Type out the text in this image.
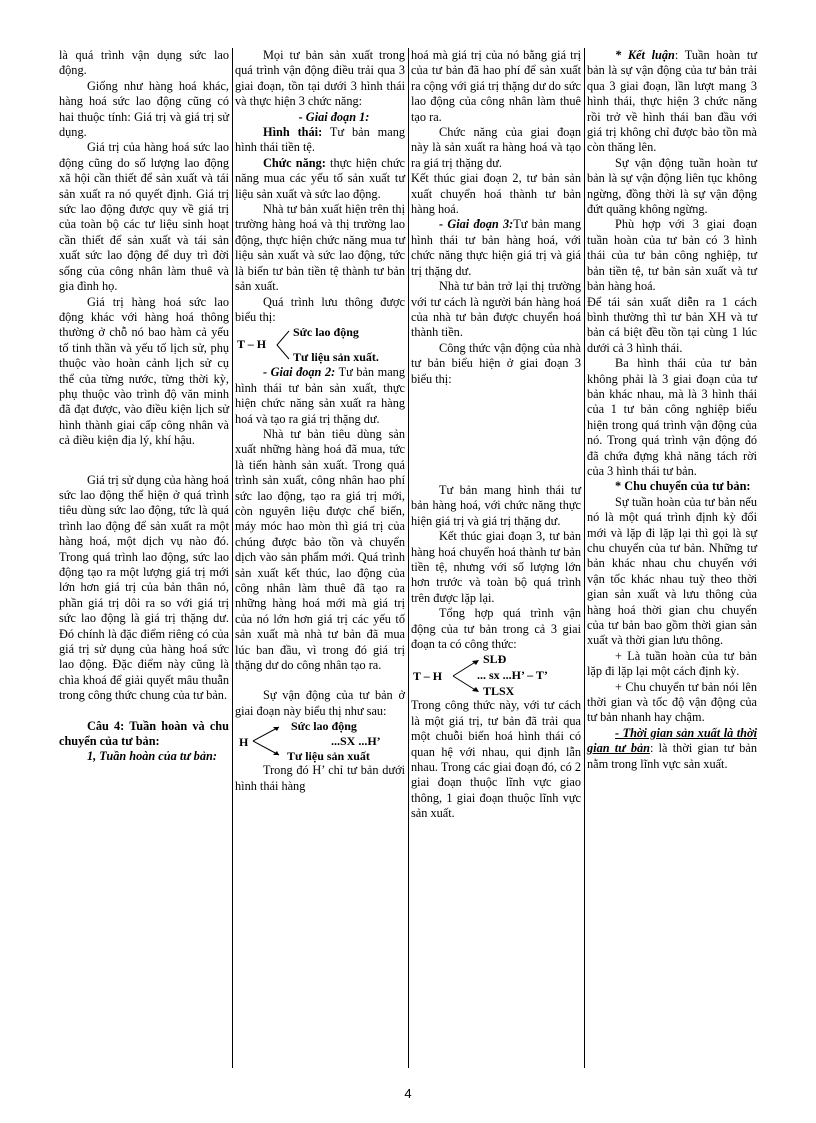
là quá trình vận dụng sức lao động.

Giống như hàng hoá khác, hàng hoá sức lao động cũng có hai thuộc tính: Giá trị và giá trị sử dụng.

Giá trị của hàng hoá sức lao động cũng do số lượng lao động xã hội cần thiết để sản xuất và tái sản xuất ra nó quyết định. Giá trị sức lao động được quy về giá trị của toàn bộ các tư liệu sinh hoạt cần thiết để sản xuất và tái sản xuất sức lao động để duy trì đời sống của công nhân làm thuê và gia đình họ.

Giá trị hàng hoá sức lao động khác với hàng hoá thông thường ở chỗ nó bao hàm cả yếu tố tinh thần và yếu tố lịch sử, phụ thuộc vào hoàn cảnh lịch sử cụ thể của từng nước, từng thời kỳ, phụ thuộc vào trình độ văn minh đã đạt được, vào điều kiện lịch sử hình thành giai cấp công nhân và cả điều kiện địa lý, khí hậu.

Giá trị sử dụng của hàng hoá sức lao động thể hiện ở quá trình tiêu dùng sức lao động, tức là quá trình lao động để sản xuất ra một hàng hoá, một dịch vụ nào đó. Trong quá trình lao động, sức lao động tạo ra một lượng giá trị mới lớn hơn giá trị của bản thân nó, phần giá trị dôi ra so với giá trị sức lao động là giá trị thặng dư. Đó chính là đặc điểm riêng có của giá trị sử dụng của hàng hoá sức lao động. Đặc điểm này cũng là chìa khoá để giải quyết mâu thuẫn trong công thức chung của tư bản.

Câu 4: Tuần hoàn và chu chuyển của tư bản:

1, Tuần hoàn của tư bản:

Mọi tư bản sản xuất trong quá trình vận động điều trải qua 3 giai đoạn, tồn tại dưới 3 hình thái và thực hiện 3 chức năng:

- Giai đoạn 1:

Hình thái: Tư bản mang hình thái tiền tệ.

Chức năng: thực hiện chức năng mua các yếu tố sản xuất tư liệu sản xuất và sức lao động.

Nhà tư bản xuất hiện trên thị trường hàng hoá và thị trường lao động, thực hiện chức năng mua tư liệu sản xuất và sức lao động, tức là biến tư bản tiền tệ thành tư bản sản xuất.

Quá trình lưu thông được biểu thị:

T – H
Sức lao động
Tư liệu sản xuất.

- Giai đoạn 2: Tư bản mang hình thái tư bản sản xuất, thực hiện chức năng sản xuất ra hàng hoá và tạo ra giá trị thặng dư.

Nhà tư bản tiêu dùng sản xuất những hàng hoá đã mua, tức là tiến hành sản xuất. Trong quá trình sản xuất, công nhân hao phí sức lao động, tạo ra giá trị mới, còn nguyên liệu được chế biến, máy móc hao mòn thì giá trị của chúng được bảo tồn và chuyển dịch vào sản phẩm mới. Quá trình sản xuất kết thúc, lao động của công nhân làm thuê đã tạo ra những hàng hoá mới mà giá trị của nó lớn hơn giá trị các yếu tố sản xuất mà nhà tư bản đã mua lúc ban đầu, vì trong đó giá trị thặng dư do công nhân tạo ra.

Sự vận động của tư bản ở giai đoạn này biểu thị như sau:

H
Sức lao động
...SX ...H’
Tư liệu sản xuất

Trong đó H’ chỉ tư bản dưới hình thái hàng

hoá mà giá trị của nó bằng giá trị của tư bản đã hao phí để sản xuất ra cộng với giá trị thặng dư do sức lao động của công nhân làm thuê tạo ra.

Chức năng của giai đoạn này là sản xuất ra hàng hoá và tạo ra giá trị thặng dư.

Kết thúc giai đoạn 2, tư bản sản xuất chuyển hoá thành tư bản hàng hoá.

- Giai đoạn 3:Tư bản mang hình thái tư bản hàng hoá, với chức năng thực hiện giá trị và giá trị thặng dư.

Nhà tư bản trở lại thị trường với tư cách là người bán hàng hoá của nhà tư bản được chuyển hoá thành tiền.

Công thức vận động của nhà tư bản biểu hiện ở giai đoạn 3 biểu thị:

Tư bản mang hình thái tư bản hàng hoá, với chức năng thực hiện giá trị và giá trị thặng dư.

Kết thúc giai đoạn 3, tư bản hàng hoá chuyển hoá thành tư bản tiền tệ, nhưng với số lượng lớn hơn trước và toàn bộ quá trình trên được lặp lại.

Tổng hợp quá trình vận động của tư bản trong cả 3 giai đoạn ta có công thức:

T – H
SLĐ
... sx ...H’ – T’
TLSX

Trong công thức này, với tư cách là một giá trị, tư bản đã trải qua một chuỗi biến hoá hình thái có quan hệ với nhau, qui định lẫn nhau. Trong các giai đoạn đó, có 2 giai đoạn thuộc lĩnh vực giao thông, 1 giai đoạn thuộc lĩnh vực sản xuất.

* Kết luận: Tuần hoàn tư bản là sự vận động của tư bản trải qua 3 giai đoạn, lần lượt mang 3 hình thái, thực hiện 3 chức năng rồi trở về hình thái ban đầu với giá trị không chỉ được bảo tồn mà còn thăng lên.

Sự vận động tuần hoàn tư bản là sự vận động liên tục không ngừng, đồng thời là sự vận động đứt quãng không ngừng.

Phù hợp với 3 giai đoạn tuần hoàn của tư bản có 3 hình thái của tư bản công nghiệp, tư bản tiền tệ, tư bản sản xuất và tư bản hàng hoá.

Để tái sản xuất diễn ra 1 cách bình thường thì tư bản XH và tư bản cá biệt đều tồn tại cùng 1 lúc dưới cả 3 hình thái.

Ba hình thái của tư bản không phải là 3 giai đoạn của tư bản khác nhau, mà là 3 hình thái của 1 tư bản công nghiệp biểu hiện trong quá trình vận động của nó. Trong quá trình vận động đó đã chứa đựng khả năng tách rời của 3 hình thái tư bản.

* Chu chuyển của tư bản:

Sự tuần hoàn của tư bản nếu nó là một quá trình định kỳ đổi mới và lặp đi lặp lại thì gọi là sự chu chuyển của tư bản. Những tư bản khác nhau chu chuyển với vận tốc khác nhau tuỳ theo thời gian sản xuất và lưu thông của hàng hoá thời gian chu chuyển của tư bản bao gồm thời gian sản xuất và thời gian lưu thông.

+ Là tuần hoàn của tư bản lặp đi lặp lại một cách định kỳ.

+ Chu chuyển tư bản nói lên thời gian và tốc độ vận động của tư bản nhanh hay chậm.

- Thời gian sản xuất là thời gian tư bản: là thời gian tư bản nằm trong lĩnh vực sản xuất.

4
